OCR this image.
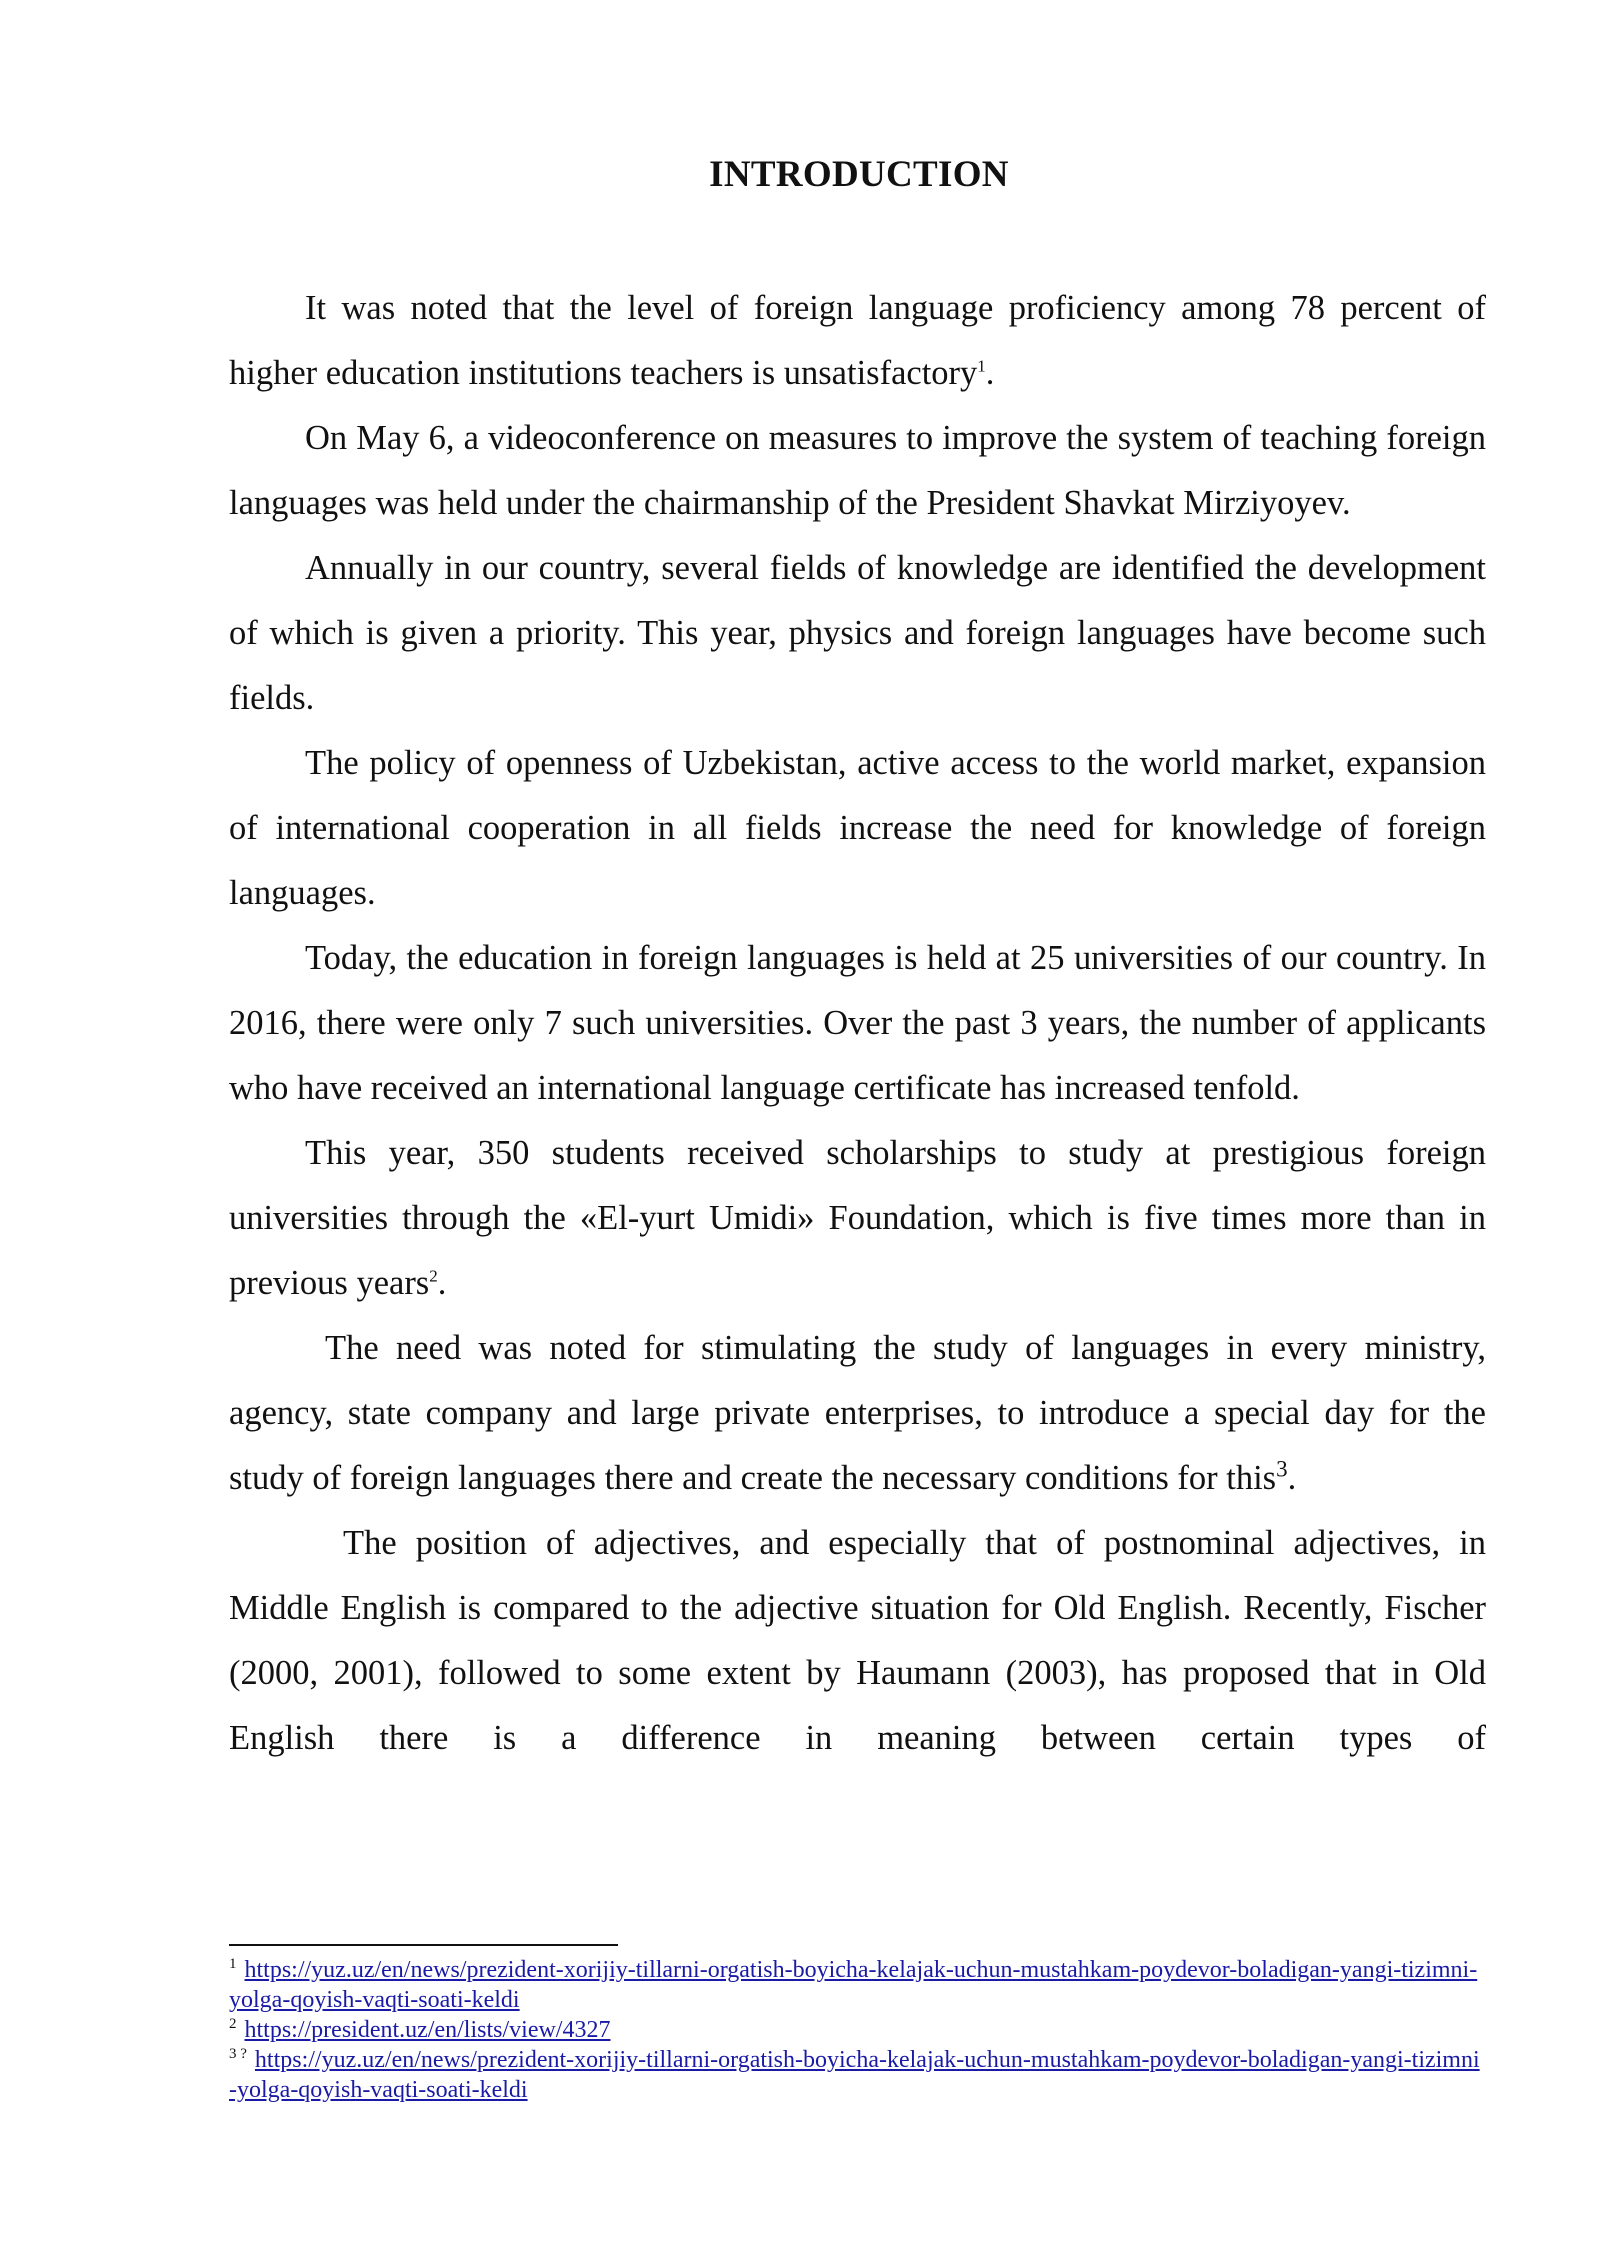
INTRODUCTION

It was noted that the level of foreign language proficiency among 78 percent of higher education institutions teachers is unsatisfactory$^1$.

On May 6, a videoconference on measures to improve the system of teaching foreign languages was held under the chairmanship of the President Shavkat Mirziyoyev.

Annually in our country, several fields of knowledge are identified the development of which is given a priority. This year, physics and foreign languages have become such fields.

The policy of openness of Uzbekistan, active access to the world market, expansion of international cooperation in all fields increase the need for knowledge of foreign languages.

Today, the education in foreign languages is held at 25 universities of our country. In 2016, there were only 7 such universities. Over the past 3 years, the number of applicants who have received an international language certificate has increased tenfold.

This year, 350 students received scholarships to study at prestigious foreign universities through the «El-yurt Umidi» Foundation, which is five times more than in previous years$^2$.

The need was noted for stimulating the study of languages in every ministry, agency, state company and large private enterprises, to introduce a special day for the study of foreign languages there and create the necessary conditions for this$^3$.

The position of adjectives, and especially that of postnominal adjectives, in Middle English is compared to the adjective situation for Old English. Recently, Fischer (2000, 2001), followed to some extent by Haumann (2003), has proposed that in Old English there is a difference in meaning between certain types of

$^1$ https://yuz.uz/en/news/prezident-xorijiy-tillarni-orgatish-boyicha-kelajak-uchun-mustahkam-poydevor-boladigan-yangi-tizimni-yolga-qoyish-vaqti-soati-keldi

$^2$ https://president.uz/en/lists/view/4327

$^{3 ?}$ https://yuz.uz/en/news/prezident-xorijiy-tillarni-orgatish-boyicha-kelajak-uchun-mustahkam-poydevor-boladigan-yangi-tizimni-yolga-qoyish-vaqti-soati-keldi
